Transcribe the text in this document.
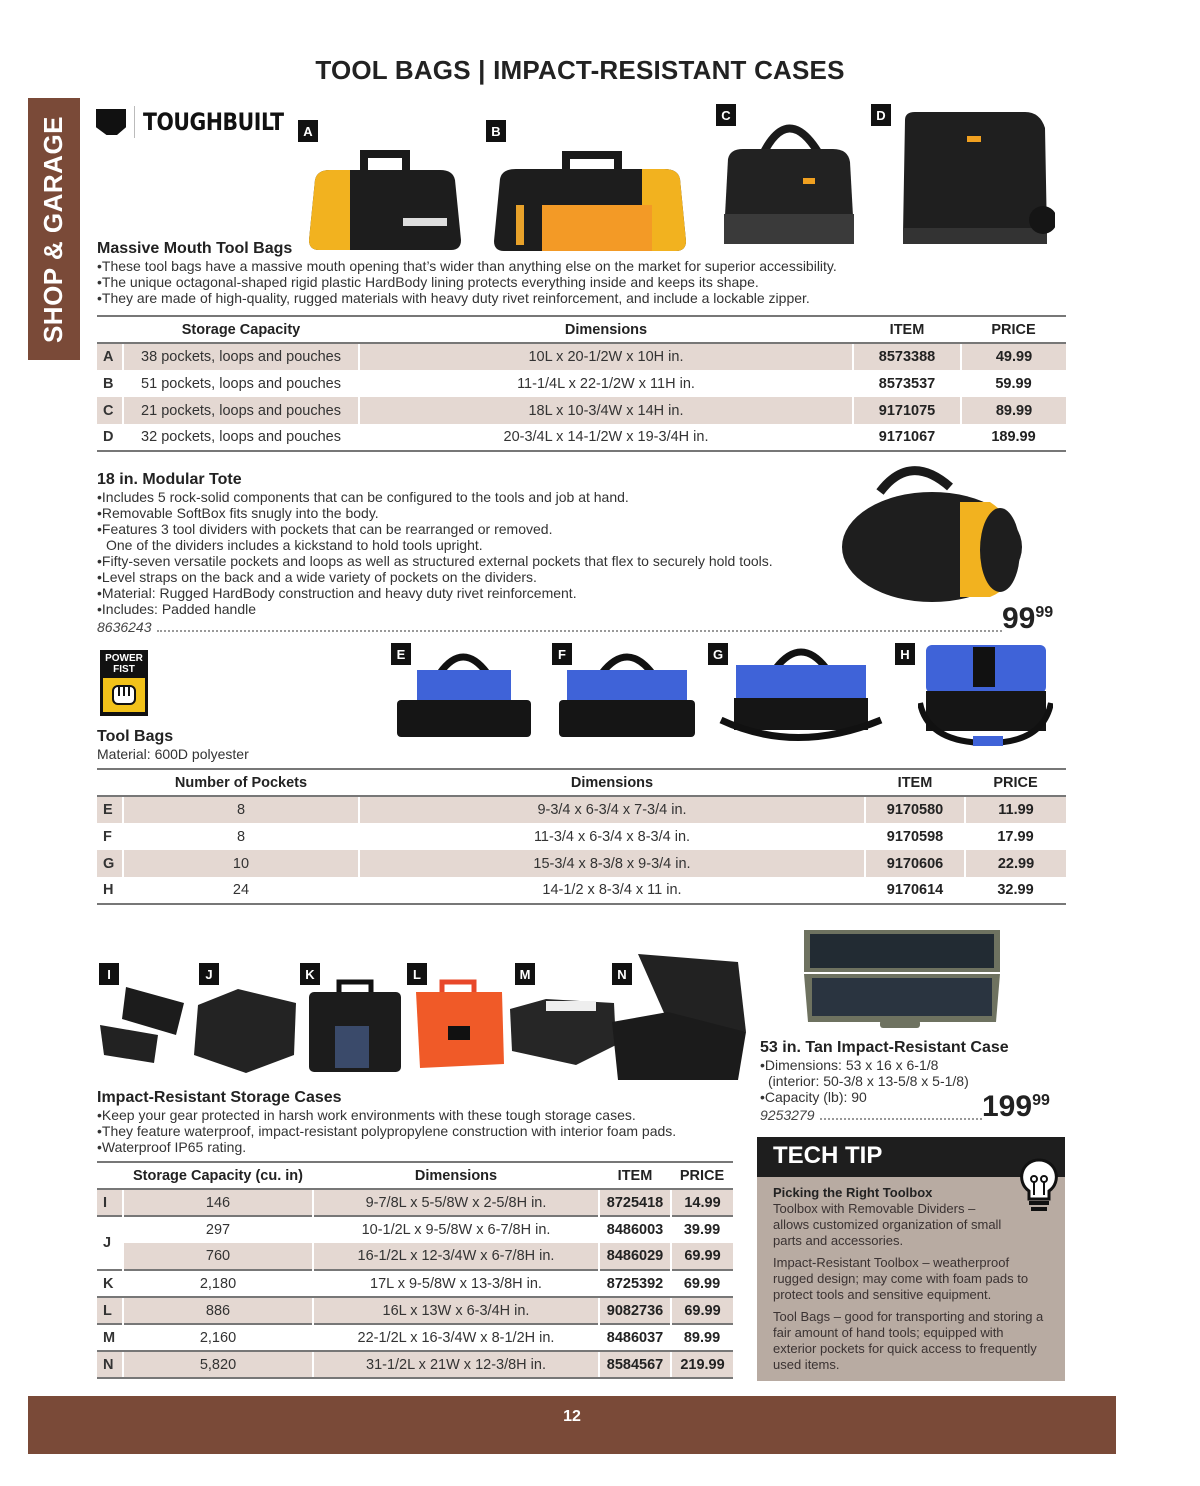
TOOL BAGS | IMPACT-RESISTANT CASES
SHOP & GARAGE	TOUGHBUILT	A	B
C	D
Massive Mouth Tool Bags
•These tool bags have a massive mouth opening that’s wider than anything else on the market for superior accessibility.
•The unique octagonal-shaped rigid plastic HardBody lining protects everything inside and keeps its shape.
•They are made of high-quality, rugged materials with heavy duty rivet reinforcement, and include a lockable zipper.
	Storage Capacity	Dimensions	ITEM	PRICE
A	38 pockets, loops and pouches	10L x 20-1/2W x 10H in.	8573388	49.99
B	51 pockets, loops and pouches	11-1/4L x 22-1/2W x 11H in.	8573537	59.99
C	21 pockets, loops and pouches	18L x 10-3/4W x 14H in.	9171075	89.99
D	32 pockets, loops and pouches	20-3/4L x 14-1/2W x 19-3/4H in.	9171067	189.99
18 in. Modular Tote
•Includes 5 rock-solid components that can be configured to the tools and job at hand.
•Removable SoftBox fits snugly into the body.
•Features 3 tool dividers with pockets that can be rearranged or removed.
One of the dividers includes a kickstand to hold tools upright.
•Fifty-seven versatile pockets and loops as well as structured external pockets that flex to securely hold tools.
•Level straps on the back and a wide variety of pockets on the dividers.
•Material: Rugged HardBody construction and heavy duty rivet reinforcement.
•Includes: Padded handle
8636243	$99^{99}$
POWER
FIST
E	F	G	H
Tool Bags
Material: 600D polyester
	Number of Pockets	Dimensions	ITEM	PRICE
E	8	9-3/4 x 6-3/4 x 7-3/4 in.	9170580	11.99
F	8	11-3/4 x 6-3/4 x 8-3/4 in.	9170598	17.99
G	10	15-3/4 x 8-3/8 x 9-3/4 in.	9170606	22.99
H	24	14-1/2 x 8-3/4 x 11 in.	9170614	32.99
I	J	K	L	M	N
53 in. Tan Impact-Resistant Case
•Dimensions: 53 x 16 x 6-1/8
(interior: 50-3/8 x 13-5/8 x 5-1/8)
•Capacity (lb): 90
9253279	$199^{99}$
Impact-Resistant Storage Cases
•Keep your gear protected in harsh work environments with these tough storage cases.
•They feature waterproof, impact-resistant polypropylene construction with interior foam pads.
•Waterproof IP65 rating.
	Storage Capacity (cu. in)	Dimensions	ITEM	PRICE
I	146	9-7/8L x 5-5/8W x 2-5/8H in.	8725418	14.99
J	297	10-1/2L x 9-5/8W x 6-7/8H in.	8486003	39.99
	760	16-1/2L x 12-3/4W x 6-7/8H in.	8486029	69.99
K	2,180	17L x 9-5/8W x 13-3/8H in.	8725392	69.99
L	886	16L x 13W x 6-3/4H in.	9082736	69.99
M	2,160	22-1/2L x 16-3/4W x 8-1/2H in.	8486037	89.99
N	5,820	31-1/2L x 21W x 12-3/8H in.	8584567	219.99
TECH TIP
Picking the Right Toolbox

Toolbox with Removable Dividers – allows customized organization of small parts and accessories.

Impact-Resistant Toolbox – weatherproof rugged design; may come with foam pads to protect tools and sensitive equipment.

Tool Bags – good for transporting and storing a fair amount of hand tools; equipped with exterior pockets for quick access to frequently used items.

12
